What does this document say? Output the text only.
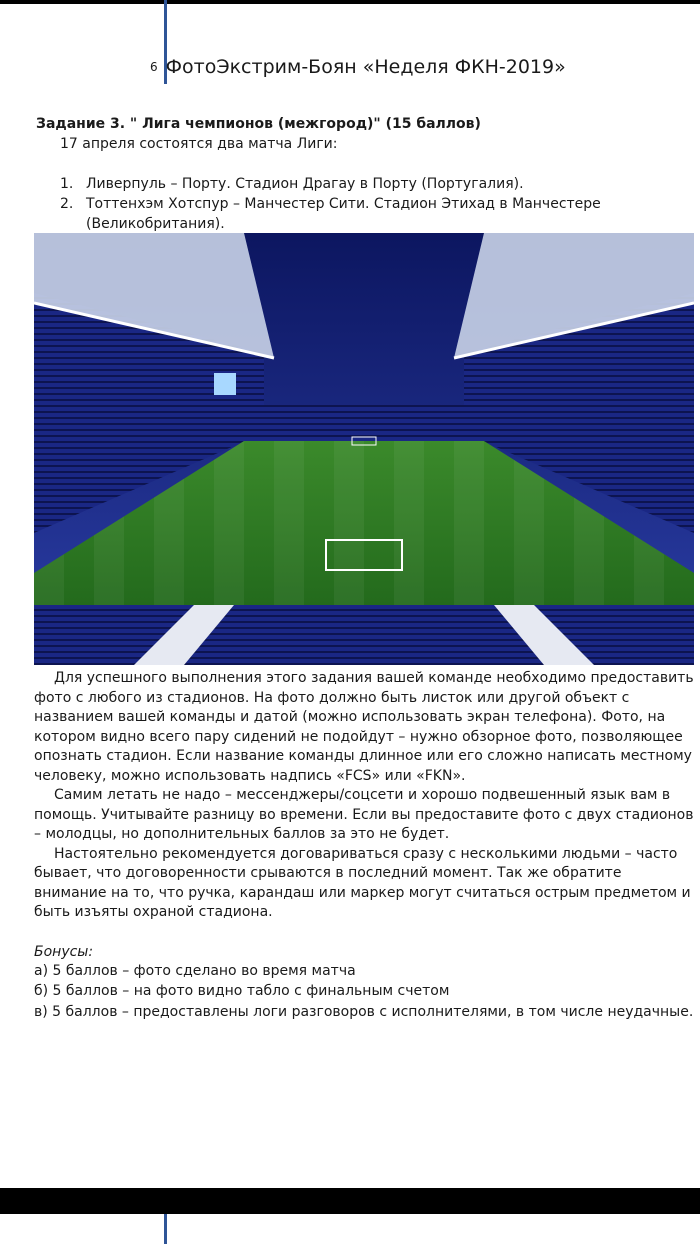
6 ФотоЭкстрим-Боян «Неделя ФКН-2019»
Задание 3. " Лига чемпионов (межгород)" (15 баллов)
17 апреля состоятся два матча Лиги:
1. Ливерпуль – Порту. Стадион Драгау в Порту (Португалия).
2. Тоттенхэм Хотспур – Манчестер Сити. Стадион Этихад в Манчестере (Великобритания).

Для успешного выполнения этого задания вашей команде необходимо предоставить фото с любого из стадионов. На фото должно быть листок или другой объект с названием вашей команды и датой (можно использовать экран телефона). Фото, на котором видно всего пару сидений не подойдут – нужно обзорное фото, позволяющее опознать стадион. Если название команды длинное или его сложно написать местному человеку, можно использовать надпись «FCS» или «FKN».

Самим летать не надо – мессенджеры/соцсети и хорошо подвешенный язык вам в помощь. Учитывайте разницу во времени. Если вы предоставите фото с двух стадионов – молодцы, но дополнительных баллов за это не будет.

Настоятельно рекомендуется договариваться сразу с несколькими людьми – часто бывает, что договоренности срываются в последний момент. Так же обратите внимание на то, что ручка, карандаш или маркер могут считаться острым предметом и быть изъяты охраной стадиона.

Бонусы:
а) 5 баллов – фото сделано во время матча
б) 5 баллов – на фото видно табло с финальным счетом
в) 5 баллов – предоставлены логи разговоров с исполнителями, в том числе неудачные.
